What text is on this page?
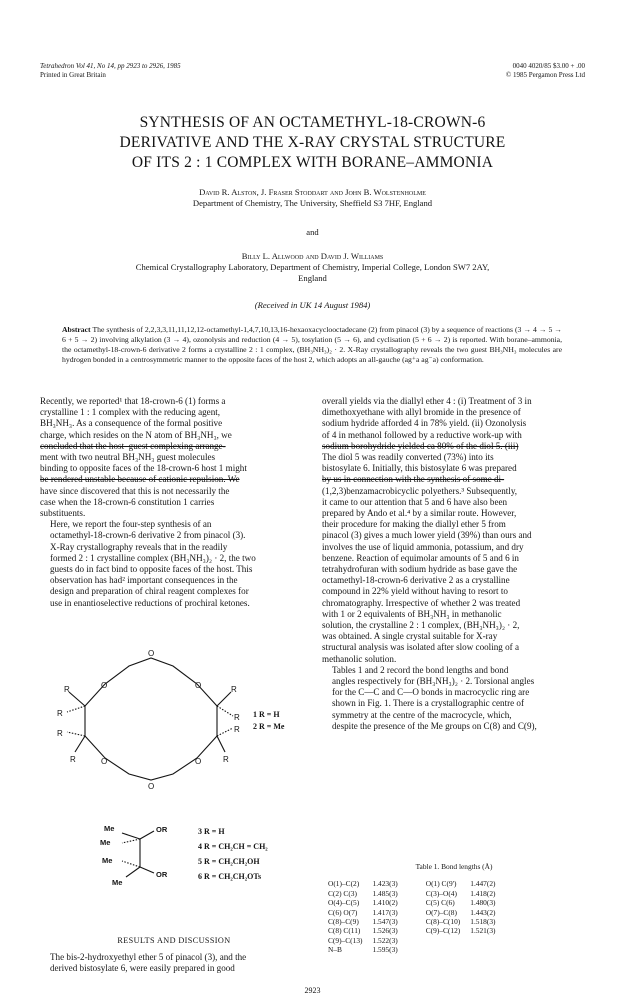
Tetrahedron Vol 41, No 14, pp 2923 to 2926, 1985
Printed in Great Britain
0040 4020/85 $3.00 + .00
© 1985 Pergamon Press Ltd
SYNTHESIS OF AN OCTAMETHYL-18-CROWN-6
DERIVATIVE AND THE X-RAY CRYSTAL STRUCTURE
OF ITS 2 : 1 COMPLEX WITH BORANE–AMMONIA
David R. Alston, J. Fraser Stoddart and John B. Wolstenholme
Department of Chemistry, The University, Sheffield S3 7HF, England
and
Billy L. Allwood and David J. Williams
Chemical Crystallography Laboratory, Department of Chemistry, Imperial College, London SW7 2AY,
England
(Received in UK 14 August 1984)
Abstract The synthesis of 2,2,3,3,11,11,12,12-octamethyl-1,4,7,10,13,16-hexaoxacyclooctadecane (2) from pinacol (3) by a sequence of reactions (3 → 4 → 5 → 6 + 5 → 2) involving alkylation (3 → 4), ozonolysis and reduction (4 → 5), tosylation (5 → 6), and cyclisation (5 + 6 → 2) is reported. With borane–ammonia, the octamethyl-18-crown-6 derivative 2 forms a crystalline 2 : 1 complex, (BH₃NH₃)₂ · 2. X-Ray crystallography reveals the two guest BH₃NH₃ molecules are hydrogen bonded in a centrosymmetric manner to the opposite faces of the host 2, which adopts an all-gauche (ag⁺a ag⁻a) conformation.

Recently, we reported¹ that 18-crown-6 (1) forms a
crystalline 1 : 1 complex with the reducing agent,
BH₃NH₃. As a consequence of the formal positive
charge, which resides on the N atom of BH₃NH₃, we
concluded that the host–guest complexing arrange-
ment with two neutral BH₃NH₃ guest molecules
binding to opposite faces of the 18-crown-6 host 1 might
be rendered unstable because of cationic repulsion. We
have since discovered that this is not necessarily the
case when the 18-crown-6 constitution 1 carries
substituents.

Here, we report the four-step synthesis of an
octamethyl-18-crown-6 derivative 2 from pinacol (3).
X-Ray crystallography reveals that in the readily
formed 2 : 1 crystalline complex (BH₃NH₃)₂ · 2, the two
guests do in fact bind to opposite faces of the host. This
observation has had² important consequences in the
design and preparation of chiral reagent complexes for
use in enantioselective reductions of prochiral ketones.

O	O
O
O	O
O
R
R
R
R
R
R
R
R
1 R = H
2 R = Me
OR
Me
Me
OR
Me
Me
3 R = H
4 R = CH₂CH = CH₂
5 R = CH₂CH₂OH
6 R = CH₂CH₂OTs
RESULTS AND DISCUSSION

The bis-2-hydroxyethyl ether 5 of pinacol (3), and the
derived bistosylate 6, were easily prepared in good

overall yields via the diallyl ether 4 : (i) Treatment of 3 in
dimethoxyethane with allyl bromide in the presence of
sodium hydride afforded 4 in 78% yield. (ii) Ozonolysis
of 4 in methanol followed by a reductive work-up with
sodium borohydride yielded ca 80% of the diol 5. (iii)
The diol 5 was readily converted (73%) into its
bistosylate 6. Initially, this bistosylate 6 was prepared
by us in connection with the synthesis of some di-
(1,2,3)benzamacrobicyclic polyethers.³ Subsequently,
it came to our attention that 5 and 6 have also been
prepared by Ando et al.⁴ by a similar route. However,
their procedure for making the diallyl ether 5 from
pinacol (3) gives a much lower yield (39%) than ours and
involves the use of liquid ammonia, potassium, and dry
benzene. Reaction of equimolar amounts of 5 and 6 in
tetrahydrofuran with sodium hydride as base gave the
octamethyl-18-crown-6 derivative 2 as a crystalline
compound in 22% yield without having to resort to
chromatography. Irrespective of whether 2 was treated
with 1 or 2 equivalents of BH₃NH₃ in methanolic
solution, the crystalline 2 : 1 complex, (BH₃NH₃)₂ · 2,
was obtained. A single crystal suitable for X-ray
structural analysis was isolated after slow cooling of a
methanolic solution.

Tables 1 and 2 record the bond lengths and bond
angles respectively for (BH₃NH₃)₂ · 2. Torsional angles
for the C—C and C—O bonds in macrocyclic ring are
shown in Fig. 1. There is a crystallographic centre of
symmetry at the centre of the macrocycle, which,
despite the presence of the Me groups on C(8) and C(9),

Table 1. Bond lengths (Å)
O(1)–C(2)	1.423(3)	O(1) C(9')	1.447(2)
C(2) C(3)	1.485(3)	C(3)–O(4)	1.418(2)
O(4)–C(5)	1.410(2)	C(5) C(6)	1.480(3)
C(6) O(7)	1.417(3)	O(7)–C(8)	1.443(2)
C(8)–C(9)	1.547(3)	C(8)–C(10)	1.518(3)
C(8) C(11)	1.526(3)	C(9)–C(12)	1.521(3)
C(9)–C(13)	1.522(3)		
N–B	1.595(3)		
2923
